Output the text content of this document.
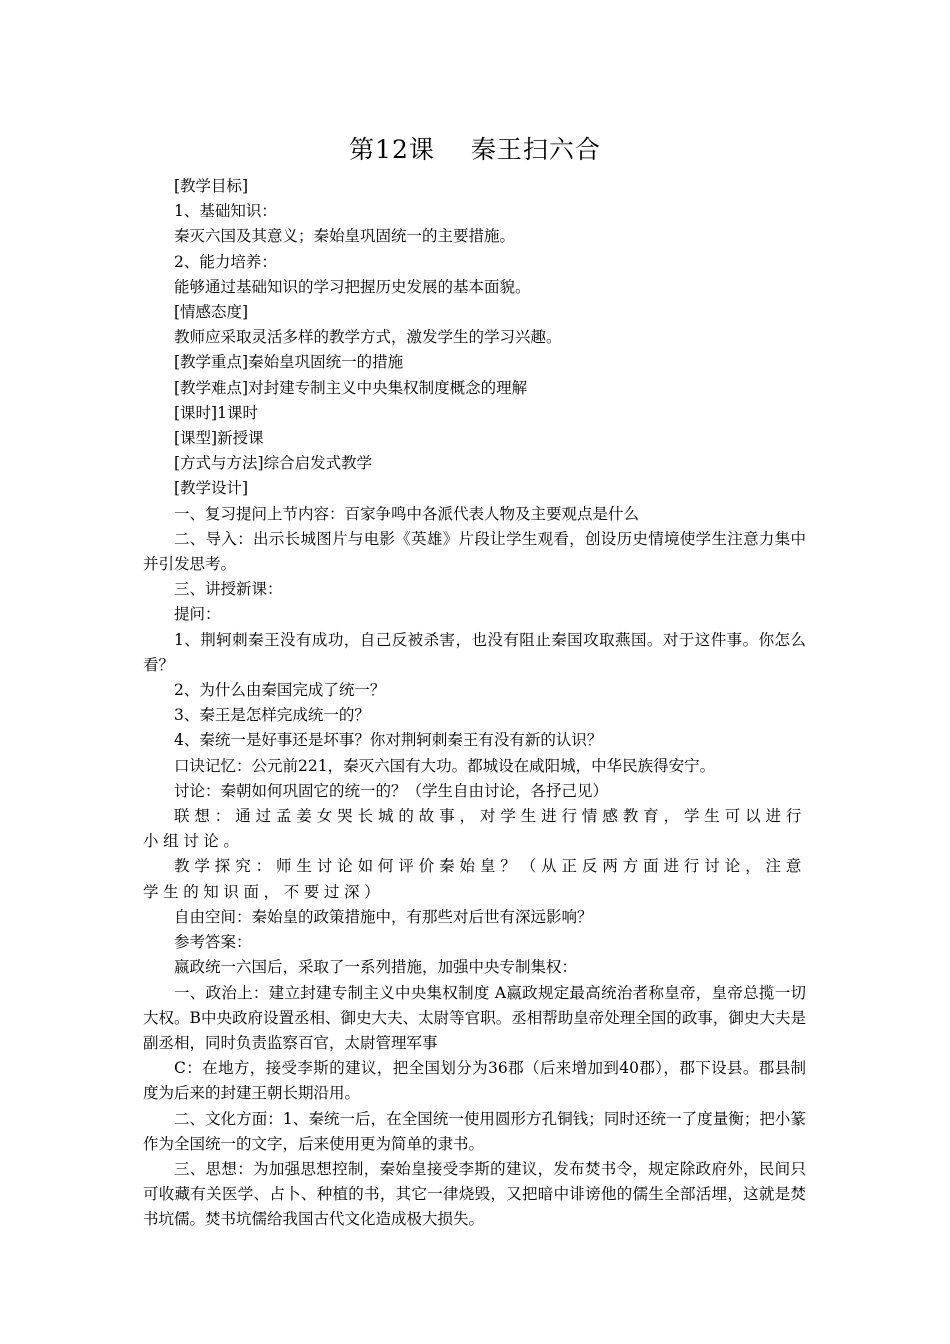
第12课 秦王扫六合

[教学目标]

1、基础知识：

秦灭六国及其意义；秦始皇巩固统一的主要措施。

2、能力培养：

能够通过基础知识的学习把握历史发展的基本面貌。

[情感态度]

教师应采取灵活多样的教学方式，激发学生的学习兴趣。

[教学重点]秦始皇巩固统一的措施

[教学难点]对封建专制主义中央集权制度概念的理解

[课时]1课时

[课型]新授课

[方式与方法]综合启发式教学

[教学设计]

一、复习提问上节内容：百家争鸣中各派代表人物及主要观点是什么

二、导入：出示长城图片与电影《英雄》片段让学生观看，创设历史情境使学生注意力集中并引发思考。

三、讲授新课：

提问：

1、荆轲刺秦王没有成功，自己反被杀害，也没有阻止秦国攻取燕国。对于这件事。你怎么看？

2、为什么由秦国完成了统一？

3、秦王是怎样完成统一的？

4、秦统一是好事还是坏事？你对荆轲刺秦王有没有新的认识？

口诀记忆：公元前221，秦灭六国有大功。都城设在咸阳城，中华民族得安宁。

讨论：秦朝如何巩固它的统一的？（学生自由讨论，各抒己见）

联想：通过孟姜女哭长城的故事，对学生进行情感教育，学生可以进行小组讨论。

教学探究：师生讨论如何评价秦始皇？（从正反两方面进行讨论，注意学生的知识面，不要过深）

自由空间：秦始皇的政策措施中，有那些对后世有深远影响？

参考答案：

嬴政统一六国后，采取了一系列措施，加强中央专制集权：

一、政治上：建立封建专制主义中央集权制度 A嬴政规定最高统治者称皇帝，皇帝总揽一切大权。B中央政府设置丞相、御史大夫、太尉等官职。丞相帮助皇帝处理全国的政事，御史大夫是副丞相，同时负责监察百官，太尉管理军事

C：在地方，接受李斯的建议，把全国划分为36郡（后来增加到40郡），郡下设县。郡县制度为后来的封建王朝长期沿用。

二、文化方面：1、秦统一后，在全国统一使用圆形方孔铜钱；同时还统一了度量衡；把小篆作为全国统一的文字，后来使用更为简单的隶书。

三、思想：为加强思想控制，秦始皇接受李斯的建议，发布焚书令，规定除政府外，民间只可收藏有关医学、占卜、种植的书，其它一律烧毁，又把暗中诽谤他的儒生全部活埋，这就是焚书坑儒。焚书坑儒给我国古代文化造成极大损失。
